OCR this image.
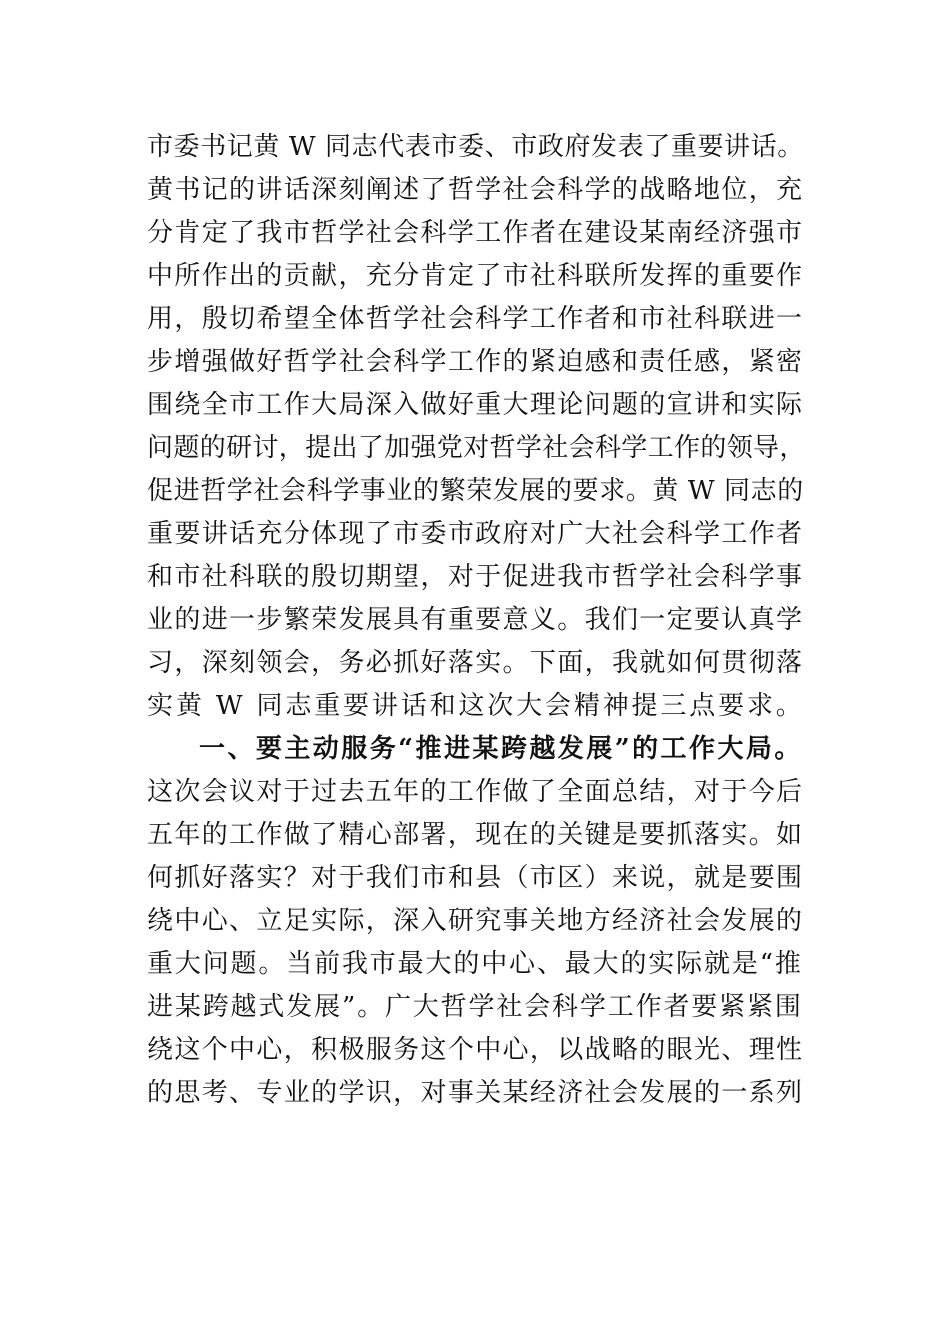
市委书记黄 W 同志代表市委、市政府发表了重要讲话。
黄书记的讲话深刻阐述了哲学社会科学的战略地位，充
分肯定了我市哲学社会科学工作者在建设某南经济强市
中所作出的贡献，充分肯定了市社科联所发挥的重要作
用，殷切希望全体哲学社会科学工作者和市社科联进一
步增强做好哲学社会科学工作的紧迫感和责任感，紧密
围绕全市工作大局深入做好重大理论问题的宣讲和实际
问题的研讨，提出了加强党对哲学社会科学工作的领导，
促进哲学社会科学事业的繁荣发展的要求。黄 W 同志的
重要讲话充分体现了市委市政府对广大社会科学工作者
和市社科联的殷切期望，对于促进我市哲学社会科学事
业的进一步繁荣发展具有重要意义。我们一定要认真学
习，深刻领会，务必抓好落实。下面，我就如何贯彻落
实黄 W 同志重要讲话和这次大会精神提三点要求。
一、要主动服务“推进某跨越发展”的工作大局。
这次会议对于过去五年的工作做了全面总结，对于今后
五年的工作做了精心部署，现在的关键是要抓落实。如
何抓好落实？对于我们市和县（市区）来说，就是要围
绕中心、立足实际，深入研究事关地方经济社会发展的
重大问题。当前我市最大的中心、最大的实际就是“推
进某跨越式发展”。广大哲学社会科学工作者要紧紧围
绕这个中心，积极服务这个中心，以战略的眼光、理性
的思考、专业的学识，对事关某经济社会发展的一系列
